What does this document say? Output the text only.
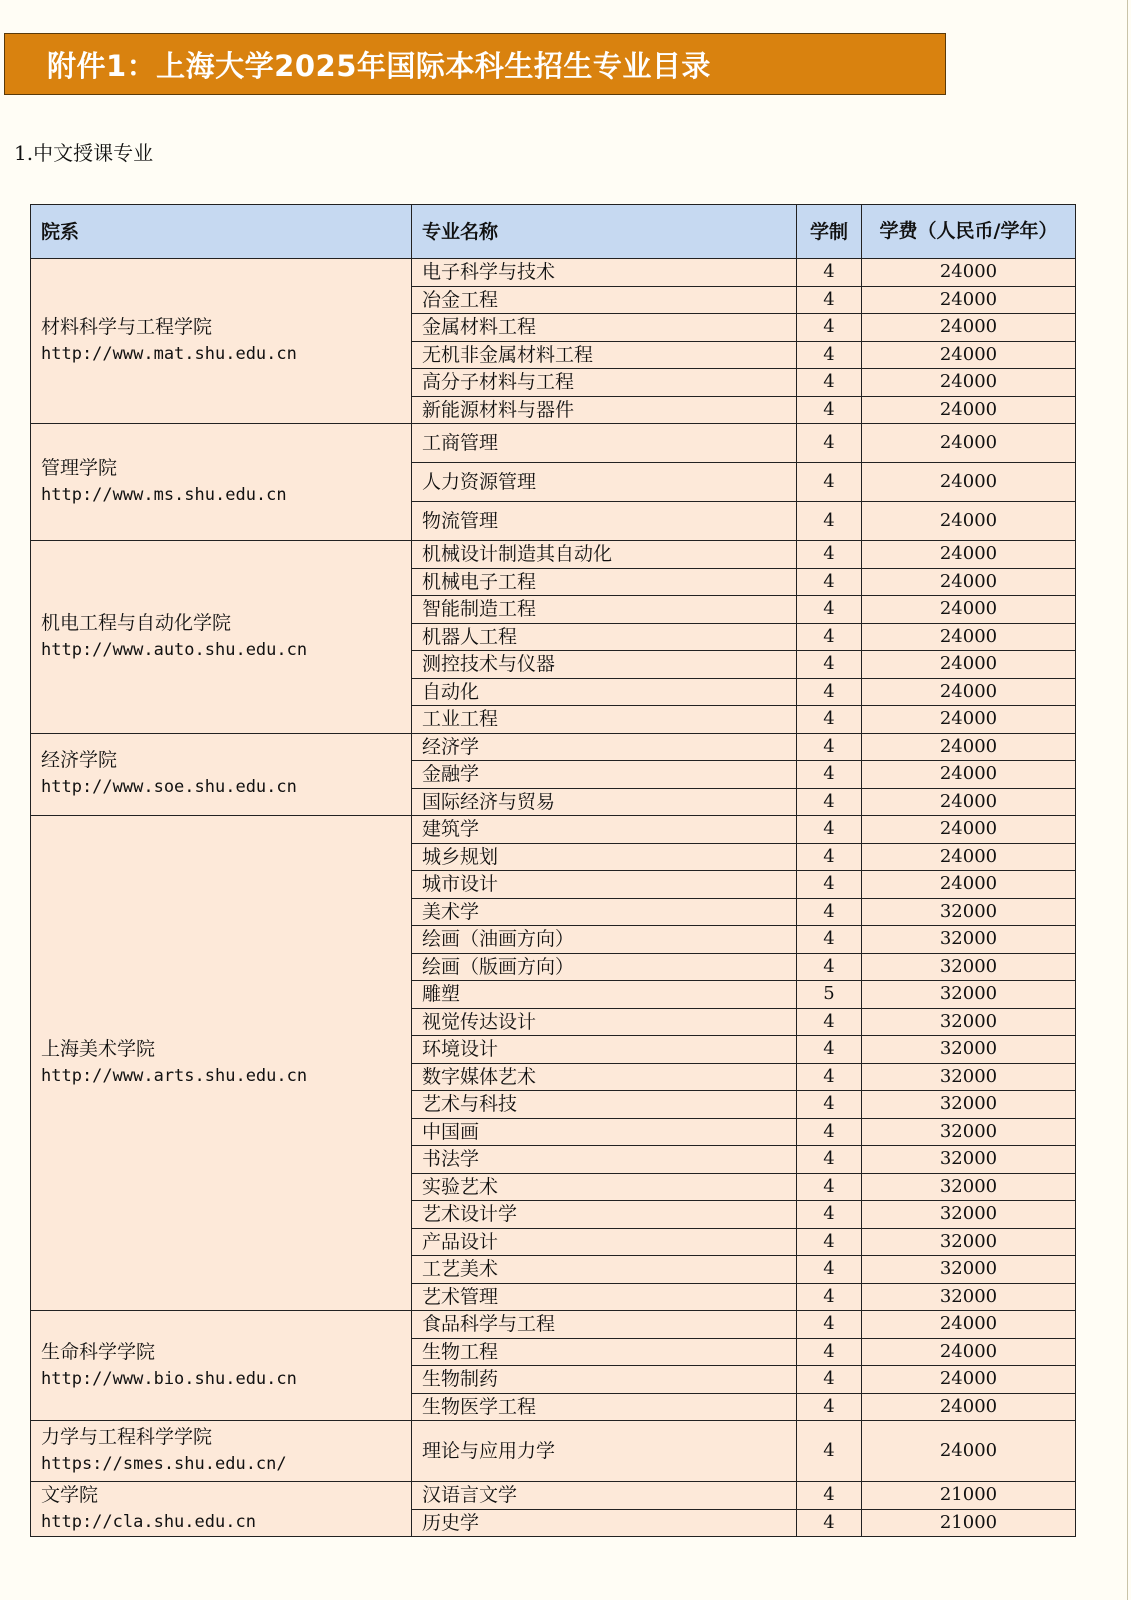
附件1：上海大学2025年国际本科生招生专业目录
1.中文授课专业
院系	专业名称	学制	学费（人民币/学年）

材料科学与工程学院
http://www.mat.shu.edu.cn	电子科学与技术	4	24000
	冶金工程	4	24000
	金属材料工程	4	24000
	无机非金属材料工程	4	24000
	高分子材料与工程	4	24000
	新能源材料与器件	4	24000

管理学院
http://www.ms.shu.edu.cn	工商管理	4	24000
	人力资源管理	4	24000
	物流管理	4	24000

机电工程与自动化学院
http://www.auto.shu.edu.cn	机械设计制造其自动化	4	24000
	机械电子工程	4	24000
	智能制造工程	4	24000
	机器人工程	4	24000
	测控技术与仪器	4	24000
	自动化	4	24000
	工业工程	4	24000

经济学院
http://www.soe.shu.edu.cn	经济学	4	24000
	金融学	4	24000
	国际经济与贸易	4	24000

上海美术学院
http://www.arts.shu.edu.cn	建筑学	4	24000
	城乡规划	4	24000
	城市设计	4	24000
	美术学	4	32000
	绘画（油画方向）	4	32000
	绘画（版画方向）	4	32000
	雕塑	5	32000
	视觉传达设计	4	32000
	环境设计	4	32000
	数字媒体艺术	4	32000
	艺术与科技	4	32000
	中国画	4	32000
	书法学	4	32000
	实验艺术	4	32000
	艺术设计学	4	32000
	产品设计	4	32000
	工艺美术	4	32000
	艺术管理	4	32000

生命科学学院
http://www.bio.shu.edu.cn	食品科学与工程	4	24000
	生物工程	4	24000
	生物制药	4	24000
	生物医学工程	4	24000

力学与工程科学学院
https://smes.shu.edu.cn/	理论与应用力学	4	24000

文学院
http://cla.shu.edu.cn	汉语言文学	4	21000
	历史学	4	21000
